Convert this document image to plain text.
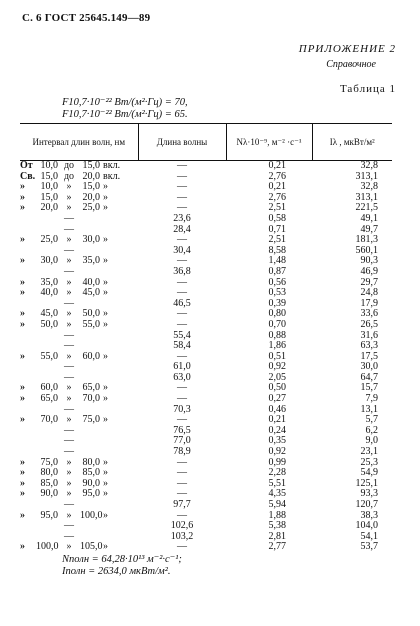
С. 6 ГОСТ 25645.149—89
ПРИЛОЖЕНИЕ 2
Справочное
Таблица 1
F10,7·10⁻²² Вт/(м²·Гц) = 70,
F10,7·10⁻²² Вт/(м²·Гц) = 65.
Интервал длин волн, нм	Длина волны	Nλ·10⁻⁹, м⁻² ·с⁻¹	Iλ , мкВт/м²
От 10,0 до 15,0 вкл.	—	0,21	32,8
Св. 15,0 до 20,0 вкл.	—	2,76	313,1
» 10,0 » 15,0 »	—	0,21	32,8
» 15,0 » 20,0 »	—	2,76	313,1
» 20,0 » 25,0 »	—	2,51	221,5
—	23,6	0,58	49,1
—	28,4	0,71	49,7
» 25,0 » 30,0 »	—	2,51	181,3
—	30,4	8,58	560,1
» 30,0 » 35,0 »	—	1,48	90,3
—	36,8	0,87	46,9
» 35,0 » 40,0 »	—	0,56	29,7
» 40,0 » 45,0 »	—	0,53	24,8
—	46,5	0,39	17,9
» 45,0 » 50,0 »	—	0,80	33,6
» 50,0 » 55,0 »	—	0,70	26,5
—	55,4	0,88	31,6
—	58,4	1,86	63,3
» 55,0 » 60,0 »	—	0,51	17,5
—	61,0	0,92	30,0
—	63,0	2,05	64,7
» 60,0 » 65,0 »	—	0,50	15,7
» 65,0 » 70,0 »	—	0,27	7,9
—	70,3	0,46	13,1
» 70,0 » 75,0 »	—	0,21	5,7
—	76,5	0,24	6,2
—	77,0	0,35	9,0
—	78,9	0,92	23,1
» 75,0 » 80,0 »	—	0,99	25,3
» 80,0 » 85,0 »	—	2,28	54,9
» 85,0 » 90,0 »	—	5,51	125,1
» 90,0 » 95,0 »	—	4,35	93,3
—	97,7	5,94	120,7
» 95,0 » 100,0»	—	1,88	38,3
—	102,6	5,38	104,0
—	103,2	2,81	54,1
» 100,0 » 105,0»	—	2,77	53,7
Nполн = 64,28·10¹³ м⁻²·с⁻¹;
Iполн = 2634,0 мкВт/м².
